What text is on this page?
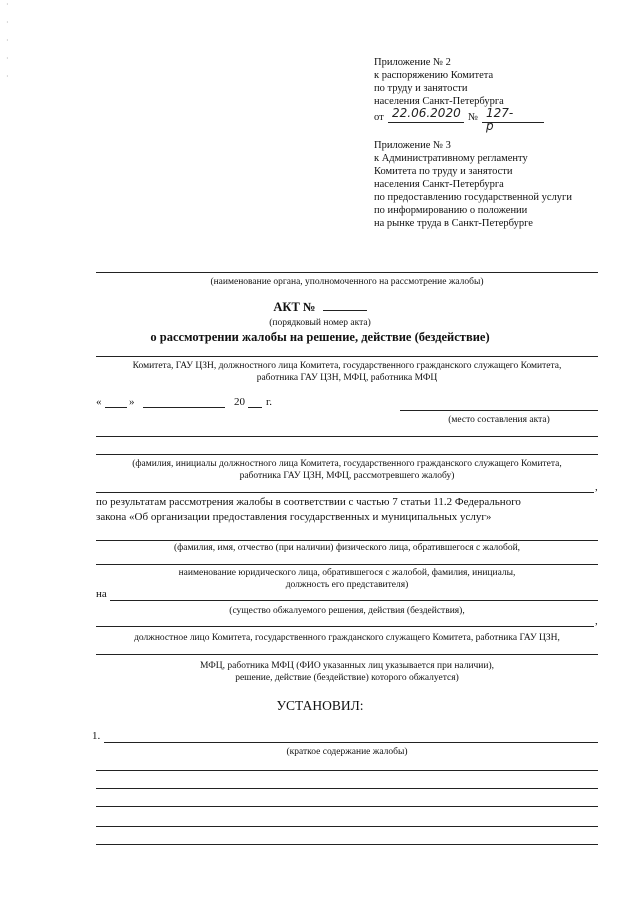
·

·

·

·

·
Приложение № 2
к распоряжению Комитета
по труду и занятости
населения Санкт-Петербурга
от 22.06.2020 № 127-р
Приложение № 3
к Административному регламенту
Комитета по труду и занятости
населения Санкт-Петербурга
по предоставлению государственной услуги
по информированию о положении
на рынке труда в Санкт-Петербурге
(наименование органа, уполномоченного на рассмотрение жалобы)
АКТ №
(порядковый номер акта)
о рассмотрении жалобы на решение, действие (бездействие)
Комитета, ГАУ ЦЗН, должностного лица Комитета, государственного гражданского служащего Комитета,
работника ГАУ ЦЗН, МФЦ, работника МФЦ
«	»	20 г.
(место составления акта)
(фамилия, инициалы должностного лица Комитета, государственного гражданского служащего Комитета,
работника ГАУ ЦЗН, МФЦ, рассмотревшего жалобу)
,
по результатам рассмотрения жалобы в соответствии с частью 7 статьи 11.2 Федерального
закона «Об организации предоставления государственных и муниципальных услуг»
(фамилия, имя, отчество (при наличии) физического лица, обратившегося с жалобой,
наименование юридического лица, обратившегося с жалобой, фамилия, инициалы,
должность его представителя)
на
(существо обжалуемого решения, действия (бездействия),
,
должностное лицо Комитета, государственного гражданского служащего Комитета, работника ГАУ ЦЗН,
МФЦ, работника МФЦ (ФИО указанных лиц указывается при наличии),
решение, действие (бездействие) которого обжалуется)
УСТАНОВИЛ:
1.
(краткое содержание жалобы)
